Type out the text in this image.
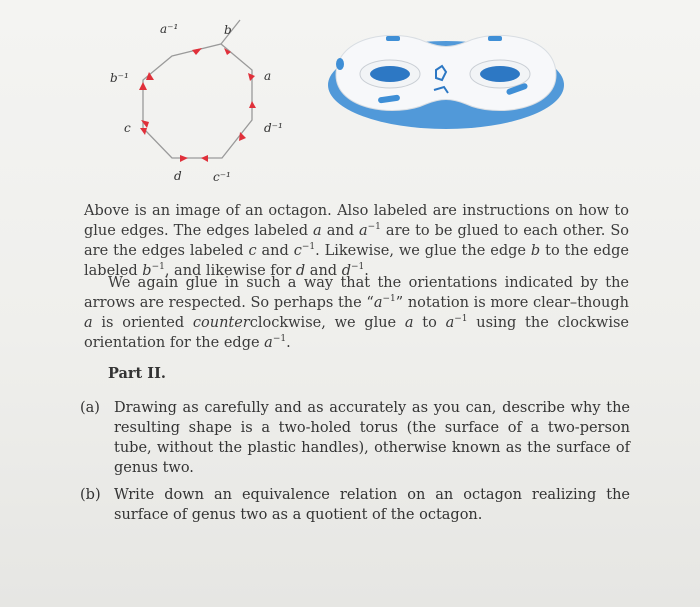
a⁻¹	b
a
d⁻¹
c⁻¹
d
c
b⁻¹
Above is an image of an octagon. Also labeled are instructions on how to glue edges. The edges labeled a and $a^{-1}$ are to be glued to each other. So are the edges labeled c and $c^{-1}$. Likewise, we glue the edge b to the edge labeled $b^{-1}$, and likewise for d and $d^{-1}$.
We again glue in such a way that the orientations indicated by the arrows are respected. So perhaps the “$a^{-1}$” notation is more clear–though a is oriented counterclockwise, we glue a to $a^{-1}$ using the clockwise orientation for the edge $a^{-1}$.
Part II.
(a) Drawing as carefully and as accurately as you can, describe why the resulting shape is a two-holed torus (the surface of a two-person tube, without the plastic handles), otherwise known as the surface of genus two.
(b) Write down an equivalence relation on an octagon realizing the surface of genus two as a quotient of the octagon.
